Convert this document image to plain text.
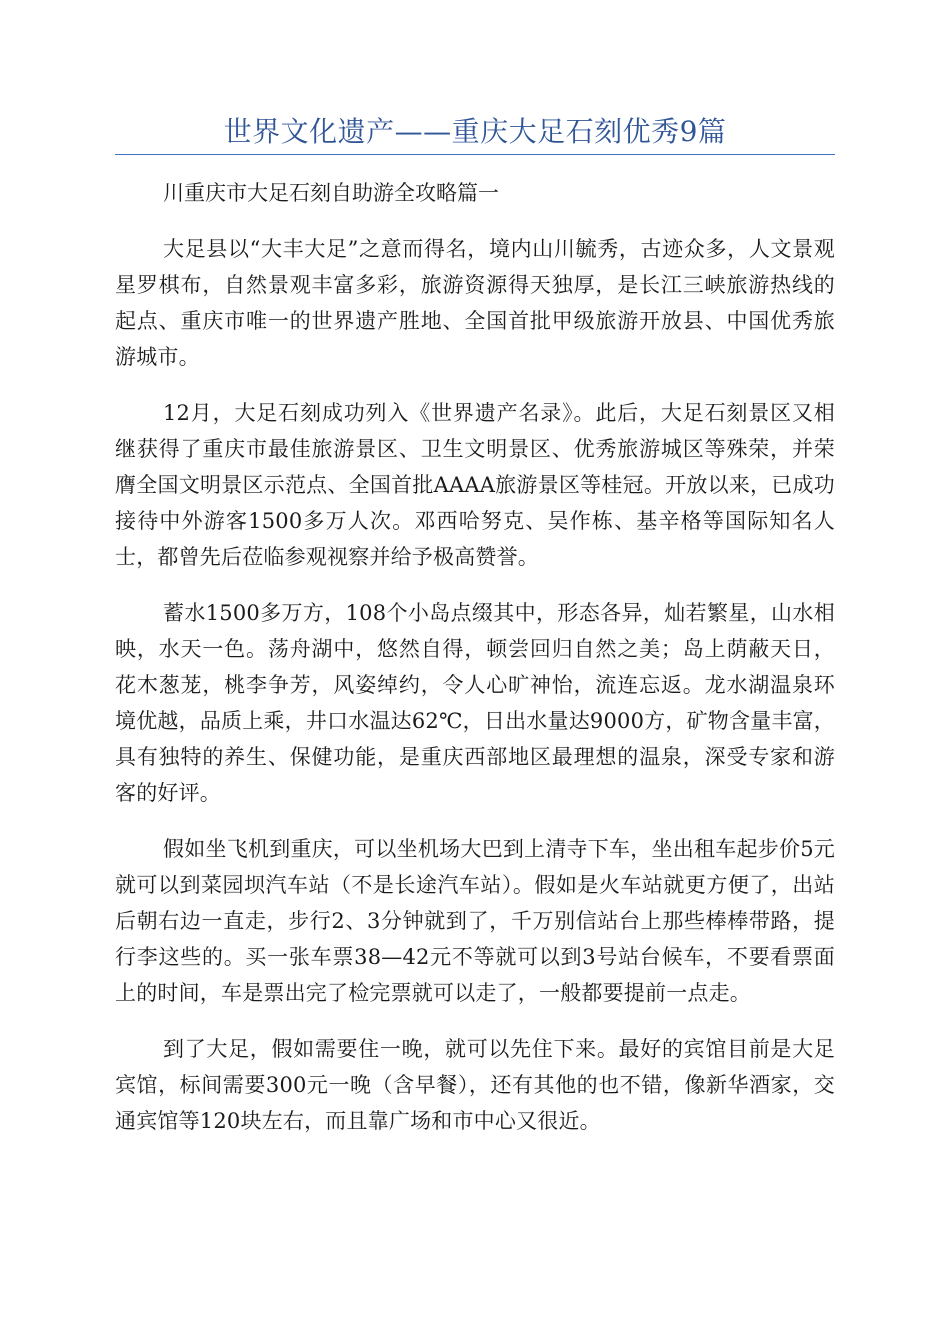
世界文化遗产——重庆大足石刻优秀9篇

川重庆市大足石刻自助游全攻略篇一

大足县以“大丰大足”之意而得名，境内山川毓秀，古迹众多，人文景观星罗棋布，自然景观丰富多彩，旅游资源得天独厚，是长江三峡旅游热线的起点、重庆市唯一的世界遗产胜地、全国首批甲级旅游开放县、中国优秀旅游城市。

12月，大足石刻成功列入《世界遗产名录》。此后，大足石刻景区又相继获得了重庆市最佳旅游景区、卫生文明景区、优秀旅游城区等殊荣，并荣膺全国文明景区示范点、全国首批AAAA旅游景区等桂冠。开放以来，已成功接待中外游客1500多万人次。邓西哈努克、吴作栋、基辛格等国际知名人士，都曾先后莅临参观视察并给予极高赞誉。

蓄水1500多万方，108个小岛点缀其中，形态各异，灿若繁星，山水相映，水天一色。荡舟湖中，悠然自得，顿尝回归自然之美；岛上荫蔽天日，花木葱茏，桃李争芳，风姿绰约，令人心旷神怡，流连忘返。龙水湖温泉环境优越，品质上乘，井口水温达62℃，日出水量达9000方，矿物含量丰富，具有独特的养生、保健功能，是重庆西部地区最理想的温泉，深受专家和游客的好评。

假如坐飞机到重庆，可以坐机场大巴到上清寺下车，坐出租车起步价5元就可以到菜园坝汽车站（不是长途汽车站）。假如是火车站就更方便了，出站后朝右边一直走，步行2、3分钟就到了，千万别信站台上那些棒棒带路，提行李这些的。买一张车票38—42元不等就可以到3号站台候车，不要看票面上的时间，车是票出完了检完票就可以走了，一般都要提前一点走。

到了大足，假如需要住一晚，就可以先住下来。最好的宾馆目前是大足宾馆，标间需要300元一晚（含早餐），还有其他的也不错，像新华酒家，交通宾馆等120块左右，而且靠广场和市中心又很近。
